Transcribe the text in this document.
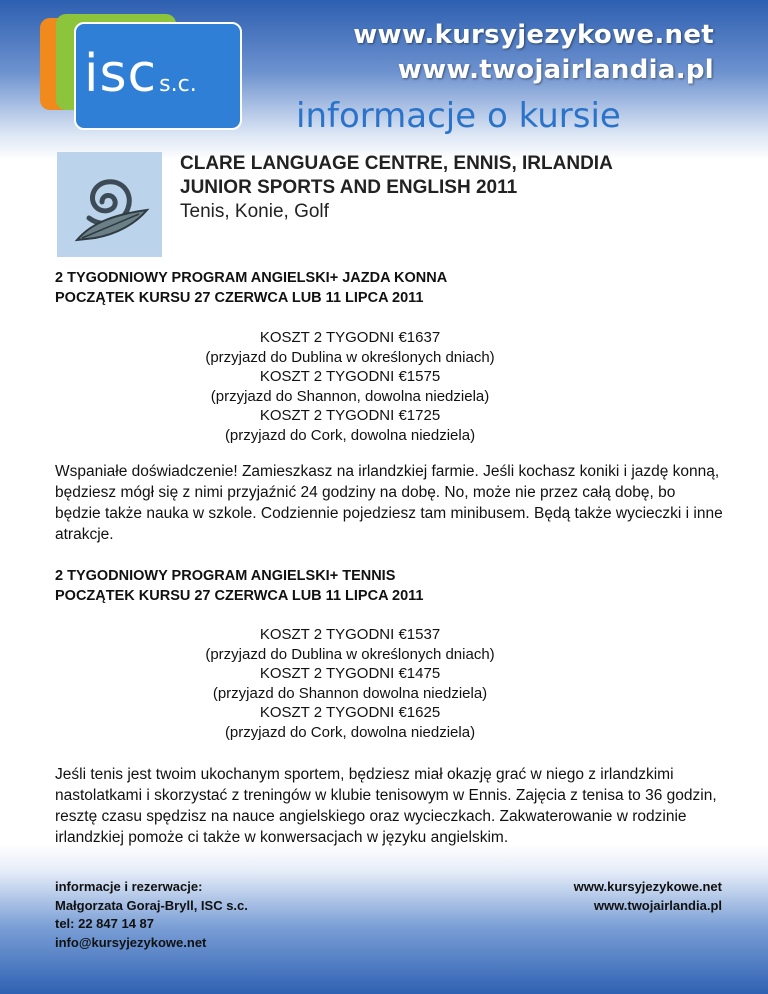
iscs.c.
www.kursyjezykowe.net
www.twojairlandia.pl
informacje o kursie
CLARE LANGUAGE CENTRE, ENNIS, IRLANDIA
JUNIOR SPORTS AND ENGLISH 2011
Tenis, Konie, Golf
2 TYGODNIOWY PROGRAM ANGIELSKI+ JAZDA KONNA
POCZĄTEK KURSU 27 CZERWCA LUB 11 LIPCA 2011
KOSZT 2 TYGODNI €1637
(przyjazd do Dublina w określonych dniach)
KOSZT 2 TYGODNI €1575
(przyjazd do Shannon, dowolna niedziela)
KOSZT 2 TYGODNI €1725
(przyjazd do Cork, dowolna niedziela)
Wspaniałe doświadczenie! Zamieszkasz na irlandzkiej farmie. Jeśli kochasz koniki i jazdę konną, będziesz mógł się z nimi przyjaźnić 24 godziny na dobę. No, może nie przez całą dobę, bo będzie także nauka w szkole. Codziennie pojedziesz tam minibusem. Będą także wycieczki i inne atrakcje.
2 TYGODNIOWY PROGRAM ANGIELSKI+ TENNIS
POCZĄTEK KURSU 27 CZERWCA LUB 11 LIPCA 2011
KOSZT 2 TYGODNI €1537
(przyjazd do Dublina w określonych dniach)
KOSZT 2 TYGODNI €1475
(przyjazd do Shannon dowolna niedziela)
KOSZT 2 TYGODNI €1625
(przyjazd do Cork, dowolna niedziela)
Jeśli tenis jest twoim ukochanym sportem, będziesz miał okazję grać w niego z irlandzkimi nastolatkami i skorzystać z treningów w klubie tenisowym w Ennis. Zajęcia z tenisa to 36 godzin, resztę czasu spędzisz na nauce angielskiego oraz wycieczkach. Zakwaterowanie w rodzinie irlandzkiej pomoże ci także w konwersacjach w języku angielskim.
informacje i rezerwacje:
Małgorzata Goraj-Bryll, ISC s.c.
tel: 22 847 14 87
info@kursyjezykowe.net
www.kursyjezykowe.net
www.twojairlandia.pl
